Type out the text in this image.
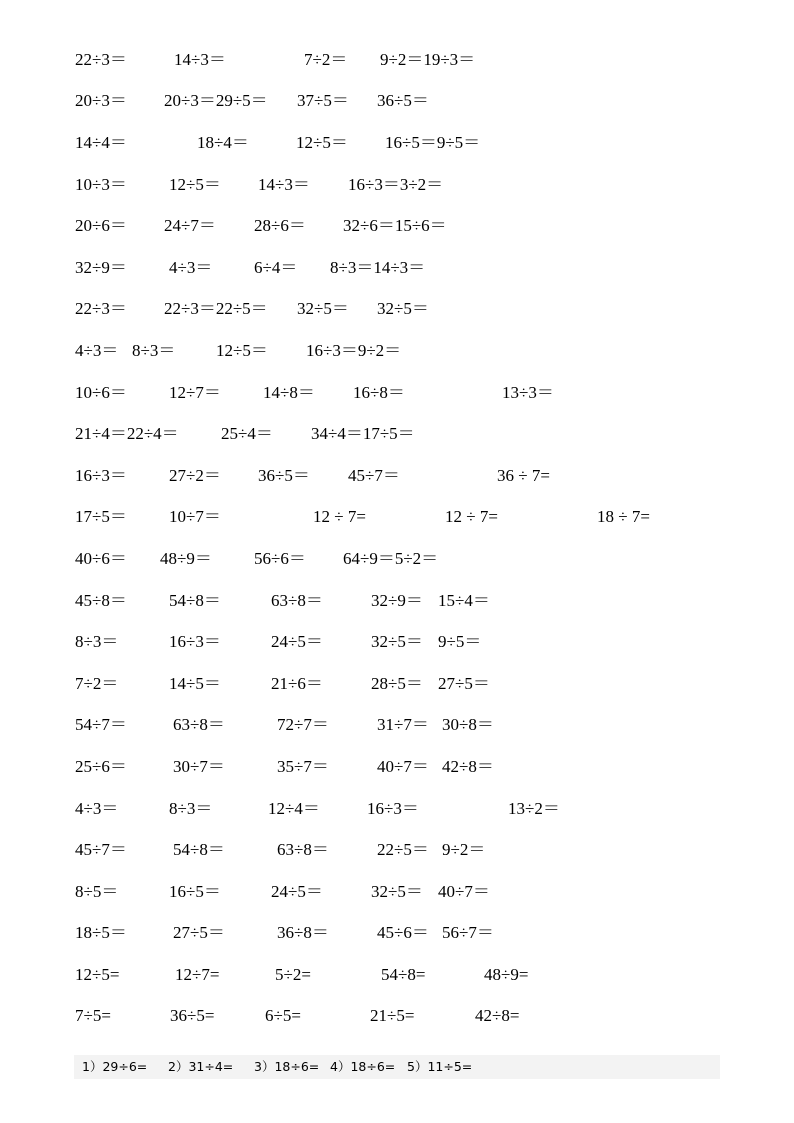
22÷3＝	14÷3＝	7÷2＝ 9÷2＝19÷3＝
20÷3＝ 20÷3＝29÷5＝ 37÷5＝ 36÷5＝
14÷4＝	18÷4＝	12÷5＝ 16÷5＝9÷5＝
10÷3＝ 12÷5＝ 14÷3＝ 16÷3＝3÷2＝
20÷6＝ 24÷7＝ 28÷6＝ 32÷6＝15÷6＝
32÷9＝ 4÷3＝ 6÷4＝ 8÷3＝14÷3＝
22÷3＝ 22÷3＝22÷5＝ 32÷5＝ 32÷5＝
4÷3＝ 8÷3＝ 12÷5＝ 16÷3＝9÷2＝
10÷6＝ 12÷7＝ 14÷8＝ 16÷8＝	13÷3＝
21÷4＝22÷4＝ 25÷4＝ 34÷4＝17÷5＝
16÷3＝ 27÷2＝ 36÷5＝ 45÷7＝	36 ÷ 7=
17÷5＝ 10÷7＝	12 ÷ 7=	12 ÷ 7=	18 ÷ 7=
40÷6＝ 48÷9＝ 56÷6＝ 64÷9＝5÷2＝
45÷8＝ 54÷8＝	63÷8＝	32÷9＝ 15÷4＝
8÷3＝	16÷3＝	24÷5＝	32÷5＝ 9÷5＝
7÷2＝	14÷5＝	21÷6＝	28÷5＝ 27÷5＝
54÷7＝	63÷8＝	72÷7＝	31÷7＝ 30÷8＝
25÷6＝	30÷7＝	35÷7＝	40÷7＝ 42÷8＝
4÷3＝	8÷3＝	12÷4＝	16÷3＝	13÷2＝
45÷7＝	54÷8＝	63÷8＝	22÷5＝ 9÷2＝
8÷5＝	16÷5＝	24÷5＝	32÷5＝ 40÷7＝
18÷5＝	27÷5＝	36÷8＝	45÷6＝ 56÷7＝
12÷5=	12÷7=	5÷2=	54÷8=	48÷9=
7÷5=	36÷5=	6÷5=	21÷5=	42÷8=
1）29÷6= 2）31÷4= 3）18÷6= 4）18÷6= 5）11÷5=
